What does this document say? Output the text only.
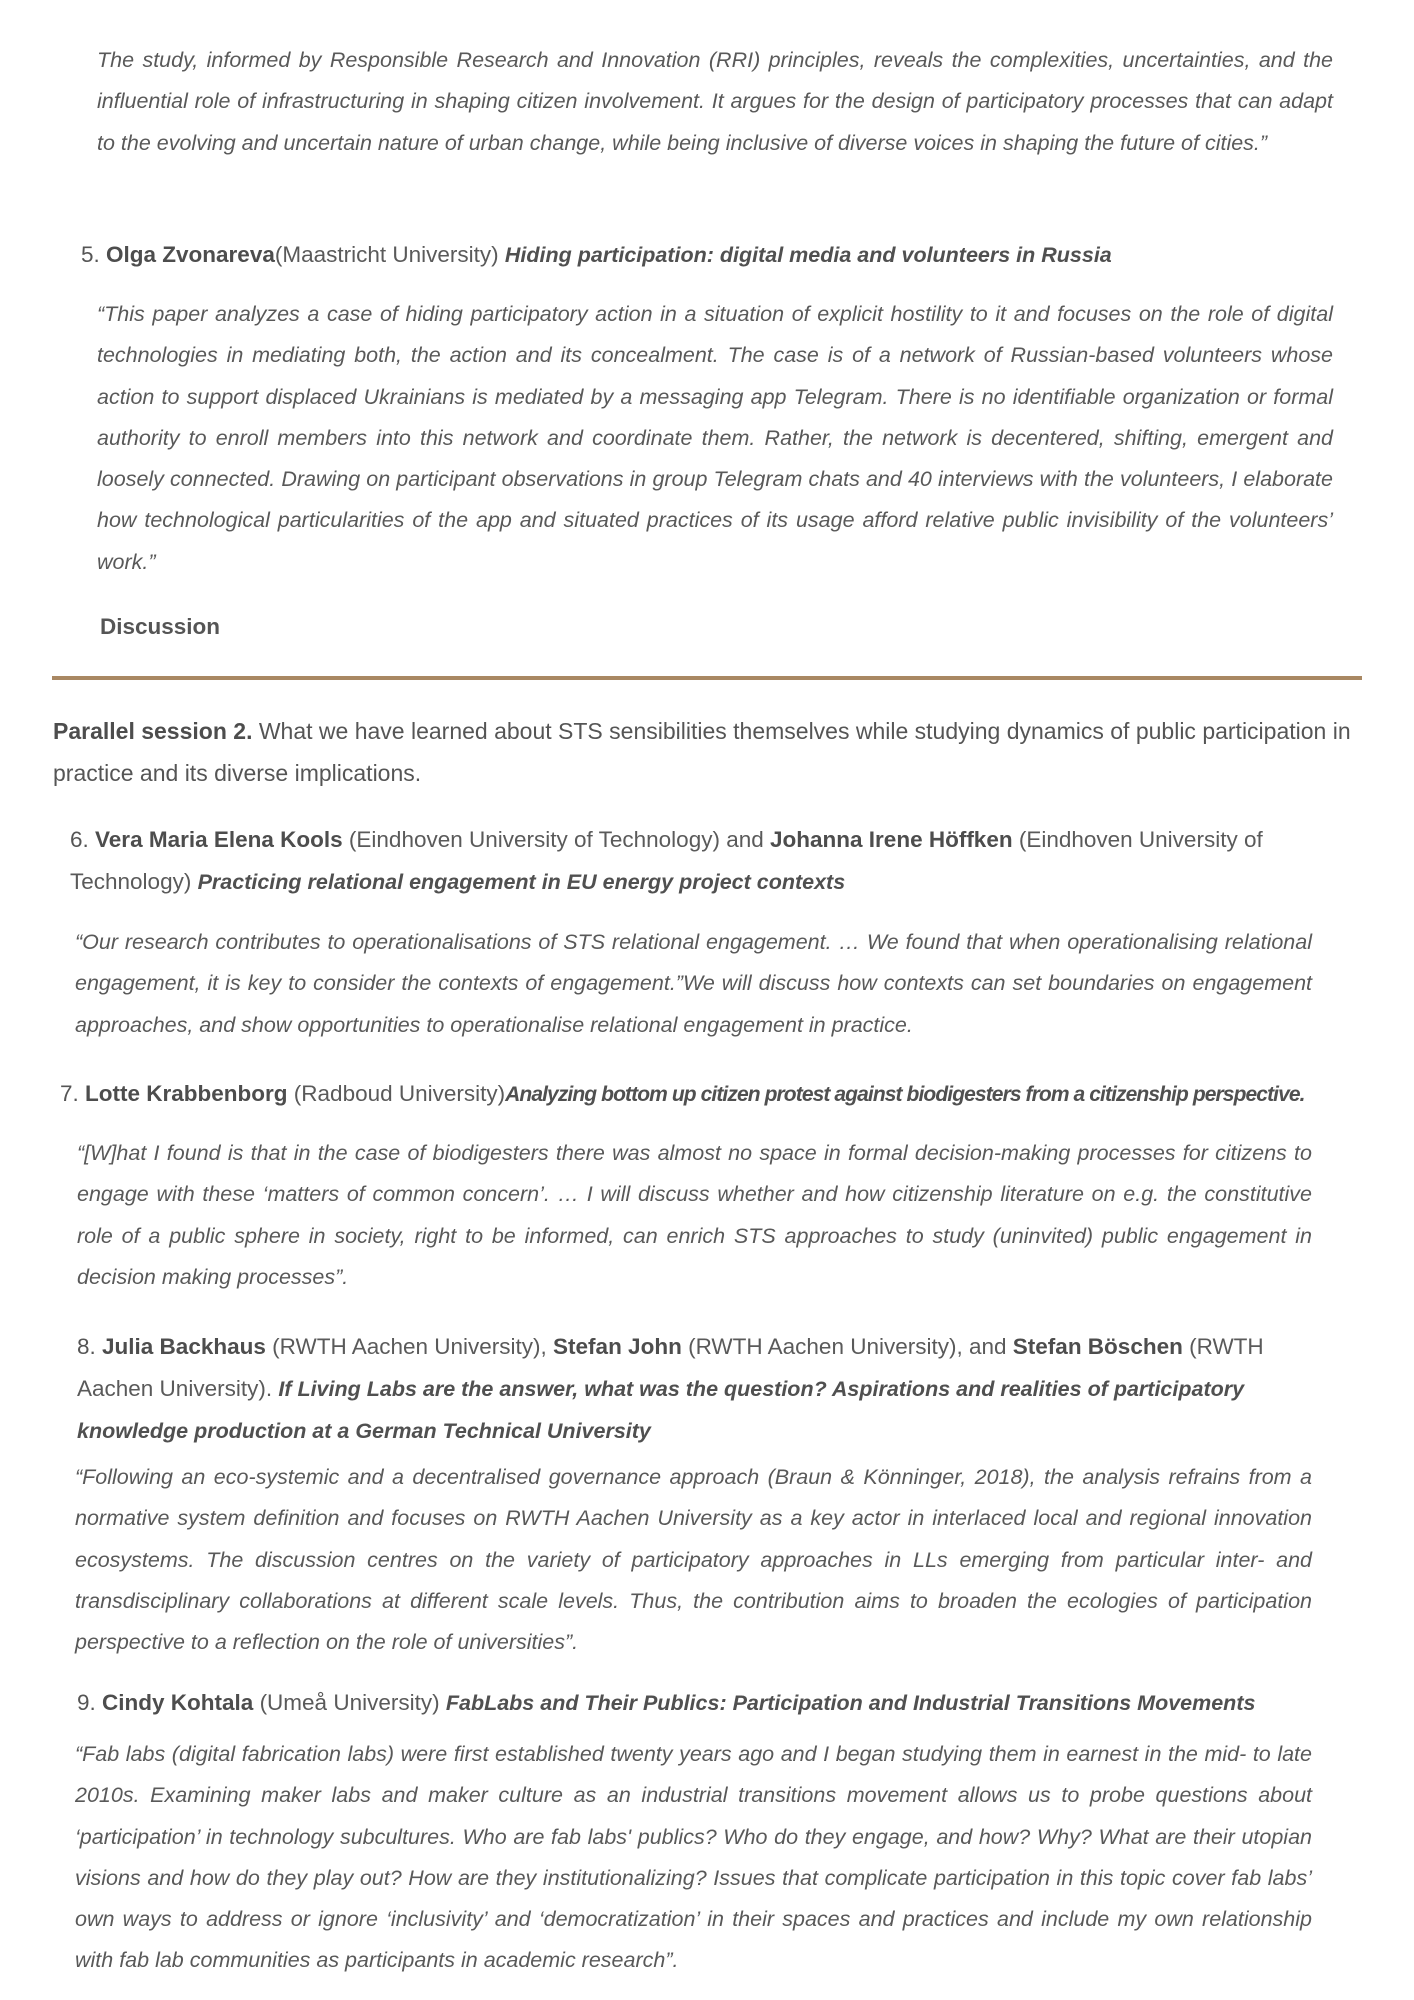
The study, informed by Responsible Research and Innovation (RRI) principles, reveals the complexities, uncertainties, and the influential role of infrastructuring in shaping citizen involvement. It argues for the design of participatory processes that can adapt to the evolving and uncertain nature of urban change, while being inclusive of diverse voices in shaping the future of cities.”
5. Olga Zvonareva(Maastricht University) Hiding participation: digital media and volunteers in Russia
“This paper analyzes a case of hiding participatory action in a situation of explicit hostility to it and focuses on the role of digital technologies in mediating both, the action and its concealment. The case is of a network of Russian-based volunteers whose action to support displaced Ukrainians is mediated by a messaging app Telegram. There is no identifiable organization or formal authority to enroll members into this network and coordinate them. Rather, the network is decentered, shifting, emergent and loosely connected. Drawing on participant observations in group Telegram chats and 40 interviews with the volunteers, I elaborate how technological particularities of the app and situated practices of its usage afford relative public invisibility of the volunteers’ work.”
Discussion
Parallel session 2. What we have learned about STS sensibilities themselves while studying dynamics of public participation in practice and its diverse implications.
6. Vera Maria Elena Kools (Eindhoven University of Technology) and Johanna Irene Höffken (Eindhoven University of Technology) Practicing relational engagement in EU energy project contexts
“Our research contributes to operationalisations of STS relational engagement. … We found that when operationalising relational engagement, it is key to consider the contexts of engagement.”We will discuss how contexts can set boundaries on engagement approaches, and show opportunities to operationalise relational engagement in practice.
7. Lotte Krabbenborg (Radboud University)Analyzing bottom up citizen protest against biodigesters from a citizenship perspective.
“[W]hat I found is that in the case of biodigesters there was almost no space in formal decision-making processes for citizens to engage with these ‘matters of common concern’. … I will discuss whether and how citizenship literature on e.g. the constitutive role of a public sphere in society, right to be informed, can enrich STS approaches to study (uninvited) public engagement in decision making processes”.
8. Julia Backhaus (RWTH Aachen University), Stefan John (RWTH Aachen University), and Stefan Böschen (RWTH Aachen University). If Living Labs are the answer, what was the question? Aspirations and realities of participatory knowledge production at a German Technical University
“Following an eco-systemic and a decentralised governance approach (Braun & Könninger, 2018), the analysis refrains from a normative system definition and focuses on RWTH Aachen University as a key actor in interlaced local and regional innovation ecosystems. The discussion centres on the variety of participatory approaches in LLs emerging from particular inter- and transdisciplinary collaborations at different scale levels. Thus, the contribution aims to broaden the ecologies of participation perspective to a reflection on the role of universities”.
9. Cindy Kohtala (Umeå University) FabLabs and Their Publics: Participation and Industrial Transitions Movements
“Fab labs (digital fabrication labs) were first established twenty years ago and I began studying them in earnest in the mid- to late 2010s. Examining maker labs and maker culture as an industrial transitions movement allows us to probe questions about ‘participation’ in technology subcultures. Who are fab labs' publics? Who do they engage, and how? Why? What are their utopian visions and how do they play out? How are they institutionalizing? Issues that complicate participation in this topic cover fab labs’ own ways to address or ignore ‘inclusivity’ and ‘democratization’ in their spaces and practices and include my own relationship with fab lab communities as participants in academic research”.
